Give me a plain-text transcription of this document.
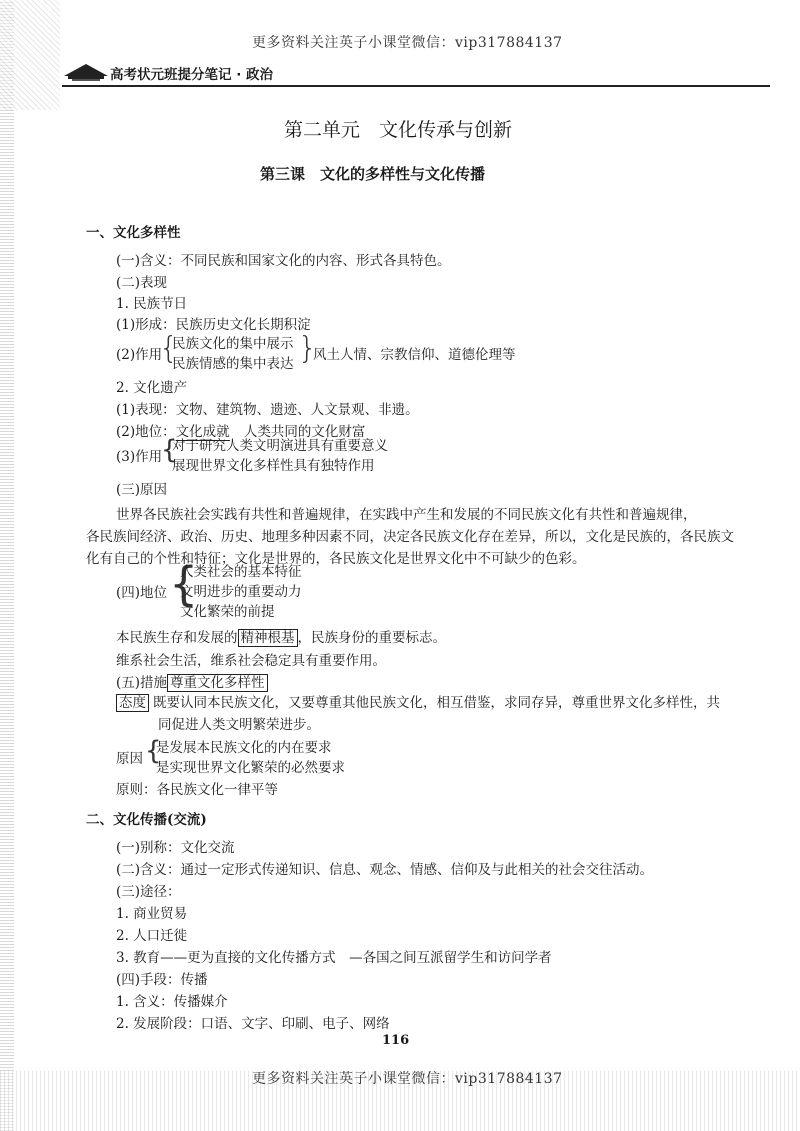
更多资料关注英子小课堂微信：vip317884137
高考状元班提分笔记 · 政治
第二单元　文化传承与创新
第三课　文化的多样性与文化传播
一、文化多样性
(一)含义：不同民族和国家文化的内容、形式各具特色。
(二)表现
1. 民族节日
(1)形成：民族历史文化长期积淀
(2)作用
{
民族文化的集中展示
民族情感的集中表达 }
风土人情、宗教信仰、道德伦理等
2. 文化遗产
(1)表现：文物、建筑物、遗迹、人文景观、非遗。
(2)地位：文化成就 人类共同的文化财富
(3)作用
{
对于研究人类文明演进具有重要意义
展现世界文化多样性具有独特作用
(三)原因
世界各民族社会实践有共性和普遍规律，在实践中产生和发展的不同民族文化有共性和普遍规律，
各民族间经济、政治、历史、地理多种因素不同，决定各民族文化存在差异，所以，文化是民族的，各民族文
化有自己的个性和特征；文化是世界的，各民族文化是世界文化中不可缺少的色彩。
(四)地位 {
人类社会的基本特征
文明进步的重要动力
文化繁荣的前提
本民族生存和发展的 精神根基 ，民族身份的重要标志。
维系社会生活，维系社会稳定具有重要作用。
(五)措施 尊重文化多样性
态度 既要认同本民族文化，又要尊重其他民族文化，相互借鉴，求同存异，尊重世界文化多样性，共
同促进人类文明繁荣进步。
原因 {
是发展本民族文化的内在要求
是实现世界文化繁荣的必然要求
原则：各民族文化一律平等
二、文化传播(交流)
(一)别称：文化交流
(二)含义：通过一定形式传递知识、信息、观念、情感、信仰及与此相关的社会交往活动。
(三)途径：
1. 商业贸易
2. 人口迁徙
3. 教育——更为直接的文化传播方式　—各国之间互派留学生和访问学者
(四)手段：传播
1. 含义：传播媒介
2. 发展阶段：口语、文字、印刷、电子、网络
116
更多资料关注英子小课堂微信：vip317884137
